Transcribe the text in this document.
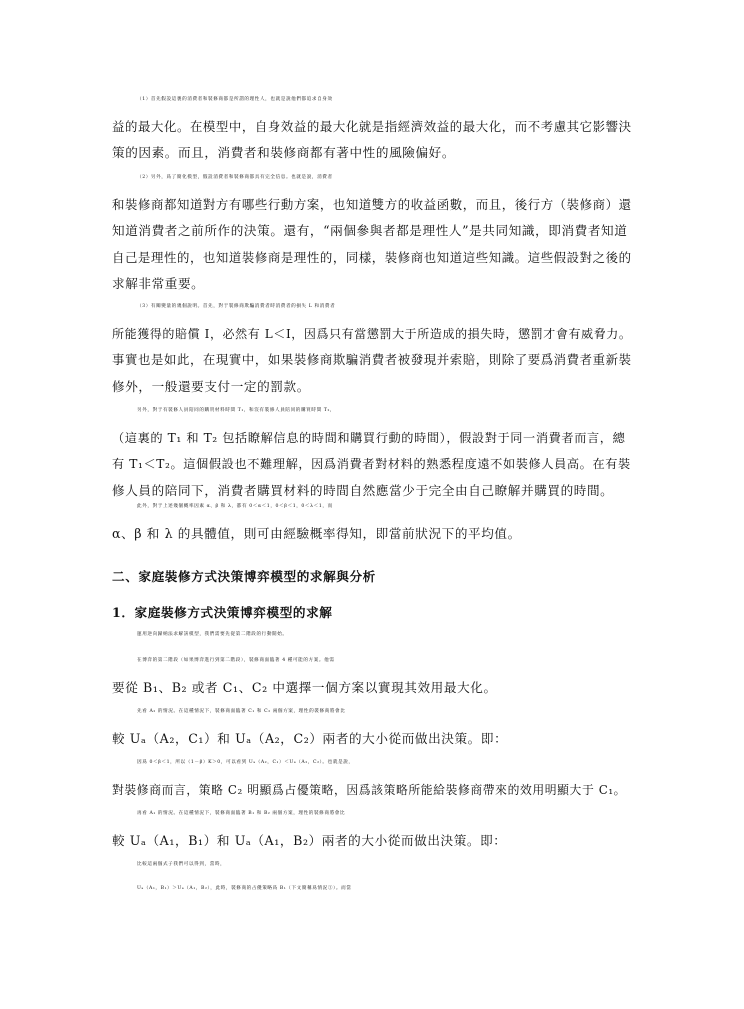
（1）首先假設這裏的消費者和裝修商都是所謂的理性人，也就是說他們都追求自身效
益的最大化。在模型中，自身效益的最大化就是指經濟效益的最大化，而不考慮其它影響決
策的因素。而且，消費者和裝修商都有著中性的風險偏好。
（2）另外，爲了簡化模型，假設消費者和裝修商都具有完全信息。也就是說，消費者
和裝修商都知道對方有哪些行動方案，也知道雙方的收益函數，而且，後行方（裝修商）還
知道消費者之前所作的決策。還有，“兩個參與者都是理性人”是共同知識，即消費者知道
自己是理性的，也知道裝修商是理性的，同樣，裝修商也知道這些知識。這些假設對之後的
求解非常重要。
（3）有關變量的幾個說明。首先，對于裝修商欺騙消費者時消費者的損失 L 和消費者
所能獲得的賠償 I，必然有 L＜I，因爲只有當懲罰大于所造成的損失時，懲罰才會有威脅力。
事實也是如此，在現實中，如果裝修商欺騙消費者被發現并索賠，則除了要爲消費者重新裝
修外，一般還要支付一定的罰款。
另外，對于有裝修人員陪同的購買材料時間 T₁，和沒有裝修人員陪同的購買時間 T₂，
（這裏的 T₁ 和 T₂ 包括瞭解信息的時間和購買行動的時間），假設對于同一消費者而言，總
有 T₁＜T₂。這個假設也不難理解，因爲消費者對材料的熟悉程度遠不如裝修人員高。在有裝
修人員的陪同下，消費者購買材料的時間自然應當少于完全由自己瞭解并購買的時間。
此外，對于上述幾個概率因素 α、β 和 λ，都有 0＜α＜1，0＜β＜1，0＜λ＜1，而
α、β 和 λ 的具體值，則可由經驗概率得知，即當前狀況下的平均值。
二、家庭裝修方式決策博弈模型的求解與分析
1．家庭裝修方式決策博弈模型的求解
運用逆向歸納法求解該模型，我們需要先從第二階段的行動開始。
在博弈的第二階段（如果博弈進行到第二階段），裝修商面臨著 4 種可能的方案。他需
要從 B₁、B₂ 或者 C₁、C₂ 中選擇一個方案以實現其效用最大化。
先看 A₂ 的情況。在這種情況下，裝修商面臨著 C₁ 和 C₂ 兩個方案，理性的裝修商將會比
較 Uₐ（A₂，C₁）和 Uₐ（A₂，C₂）兩者的大小從而做出決策。即：
因爲 0＜β＜1，所以（1－β）K＞0，可以看到 Uₐ（A₂，C₁）＜Uₐ（A₂，C₂）。也就是說，
對裝修商而言，策略 C₂ 明顯爲占優策略，因爲該策略所能給裝修商帶來的效用明顯大于 C₁。
再看 A₁ 的情況。在這種情況下，裝修商面臨著 B₁ 和 B₂ 兩個方案，理性的裝修商將會比
較 Uₐ（A₁，B₁）和 Uₐ（A₁，B₂）兩者的大小從而做出決策。即：
比較這兩個式子我們可以得到，當時，
Uₐ（A₁，B₁）＞Uₐ（A₁，B₂），此時，裝修商的占優策略爲 B₁（下文簡稱爲情況①）。而當
